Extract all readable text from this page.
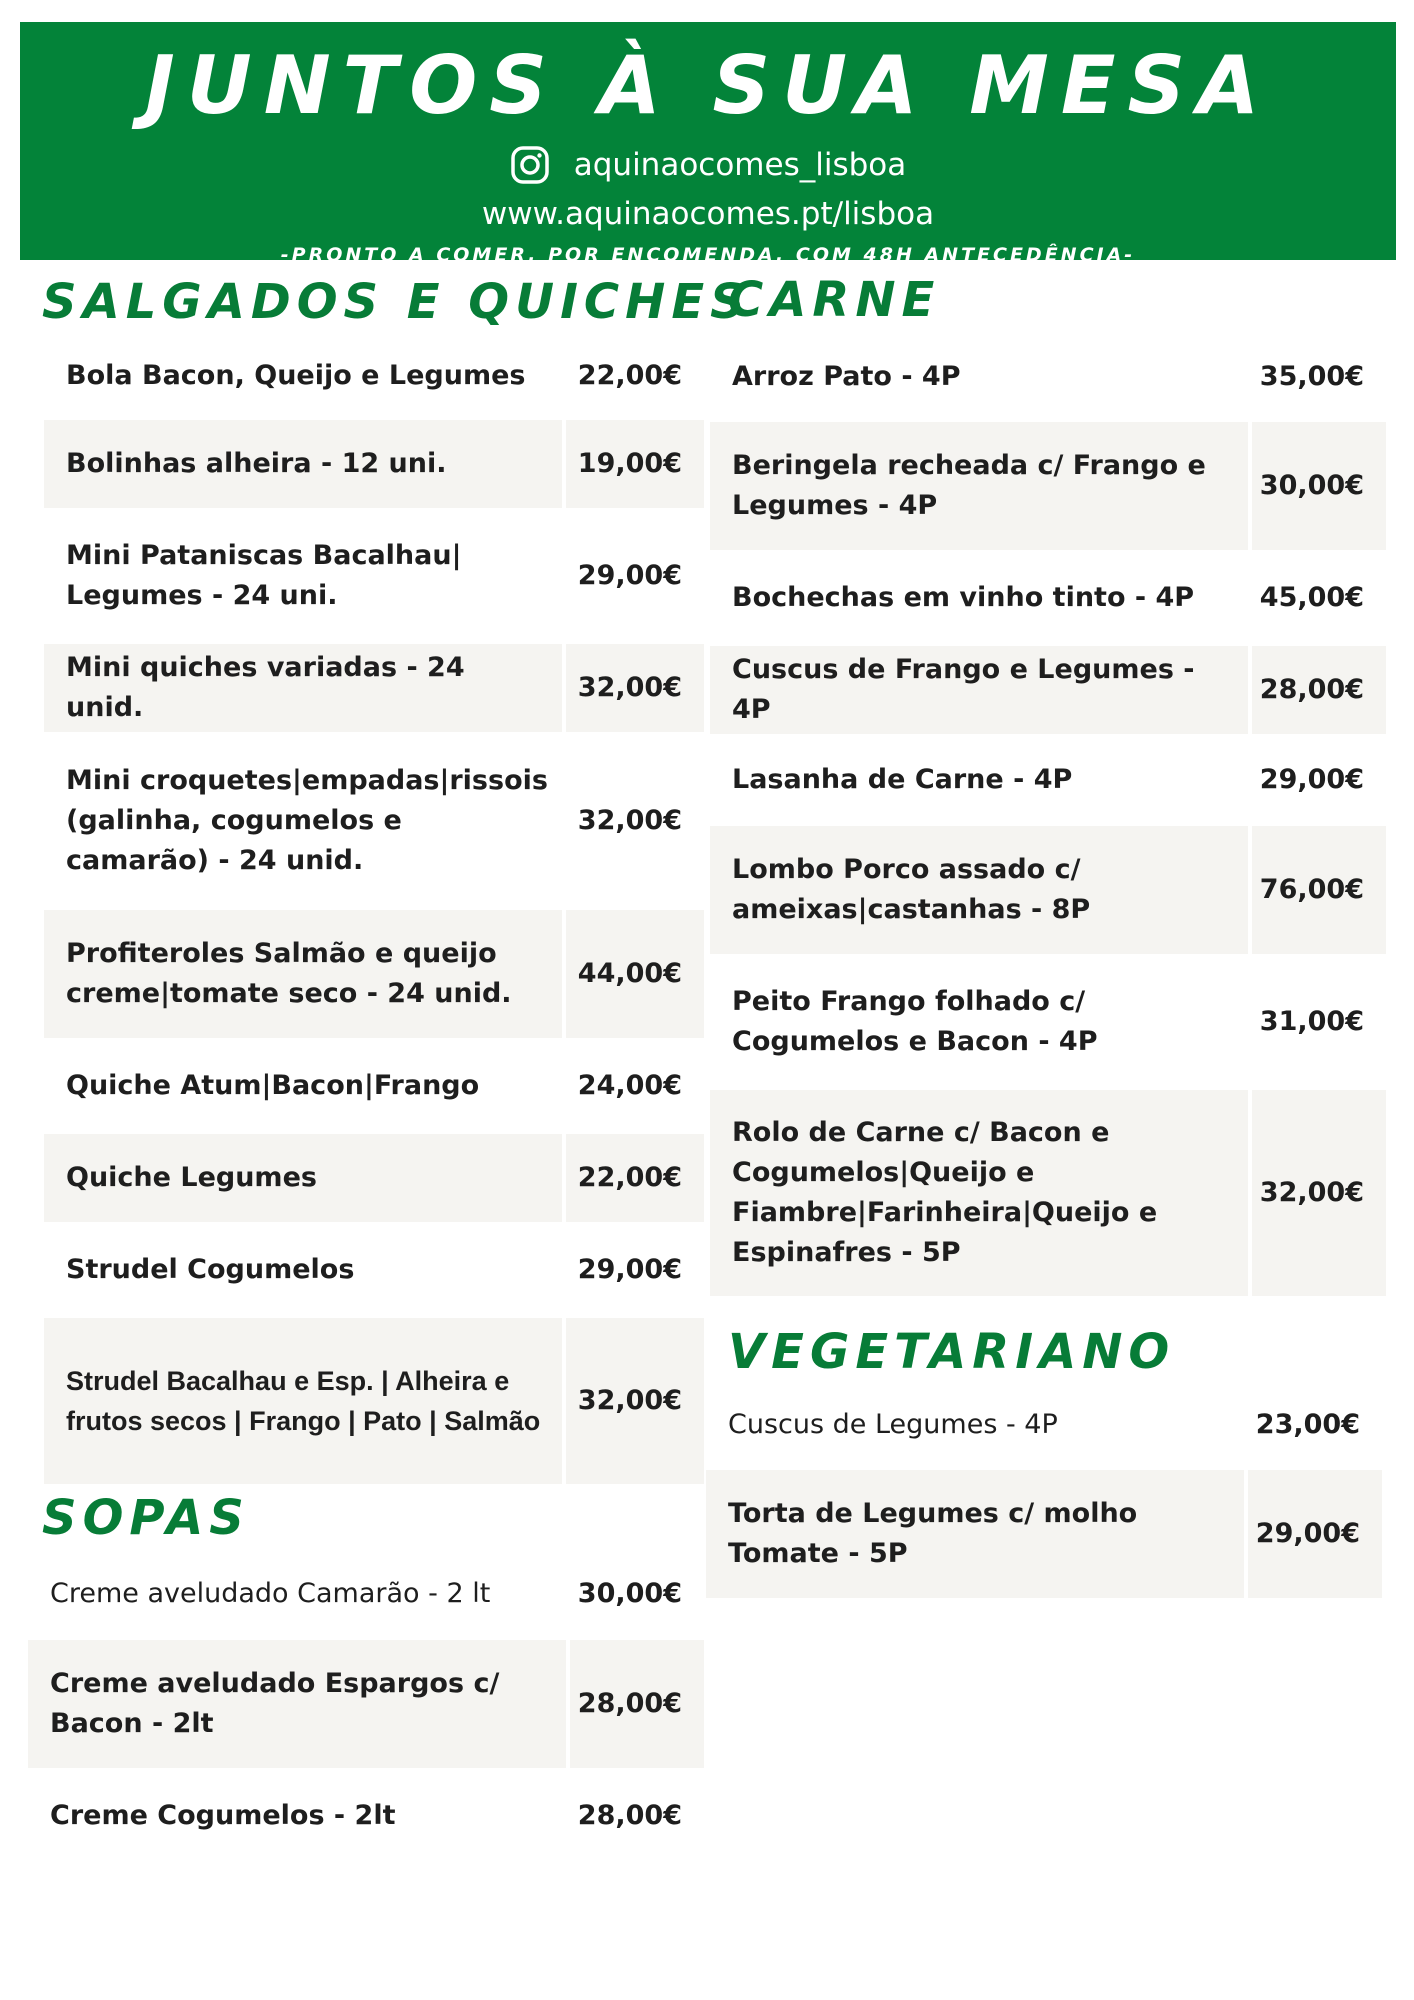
JUNTOS À SUA MESA
aquinaocomes_lisboa
www.aquinaocomes.pt/lisboa
-PRONTO A COMER, POR ENCOMENDA, COM 48H ANTECEDÊNCIA-
SALGADOS E QUICHES
Bola Bacon, Queijo e Legumes	22,00€
Bolinhas alheira - 12 uni.	19,00€
Mini Pataniscas Bacalhau| Legumes - 24 uni.
29,00€
Mini quiches variadas - 24 unid.
32,00€
Mini croquetes|empadas|rissois (galinha, cogumelos e camarão) - 24 unid.
32,00€
Profiteroles Salmão e queijo creme|tomate seco - 24 unid.
44,00€
Quiche Atum|Bacon|Frango	24,00€
Quiche Legumes	22,00€
Strudel Cogumelos	29,00€
Strudel Bacalhau e Esp. | Alheira e frutos secos | Frango | Pato | Salmão
32,00€
SOPAS
Creme aveludado Camarão - 2 lt	30,00€
Creme aveludado Espargos c/ Bacon - 2lt
28,00€
Creme Cogumelos - 2lt	28,00€
CARNE
Arroz Pato - 4P	35,00€
Beringela recheada c/ Frango e Legumes - 4P
30,00€
Bochechas em vinho tinto - 4P	45,00€
Cuscus de Frango e Legumes - 4P
28,00€
Lasanha de Carne - 4P	29,00€
Lombo Porco assado c/ ameixas|castanhas - 8P
76,00€
Peito Frango folhado c/ Cogumelos e Bacon - 4P
31,00€
Rolo de Carne c/ Bacon e Cogumelos|Queijo e Fiambre|Farinheira|Queijo e Espinafres - 5P
32,00€
VEGETARIANO
Cuscus de Legumes - 4P	23,00€
Torta de Legumes c/ molho Tomate - 5P
29,00€
